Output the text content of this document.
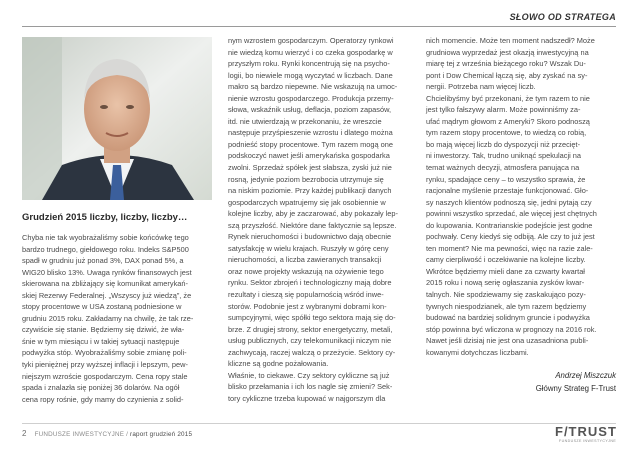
SŁOWO OD STRATEGA
Grudzień 2015 liczby, liczby, liczby…
Chyba nie tak wyobrażaliśmy sobie końcówkę tego
bardzo trudnego, giełdowego roku. Indeks S&P500
spadł w grudniu już ponad 3%, DAX ponad 5%, a
WIG20 blisko 13%. Uwaga rynków finansowych jest
skierowana na zbliżający się komunikat amerykań-
skiej Rezerwy Federalnej. „Wszyscy już wiedzą”, że
stopy procentowe w USA zostaną podniesione w
grudniu 2015 roku. Zakładamy na chwilę, że tak rze-
czywiście się stanie. Będziemy się dziwić, że wła-
śnie w tym miesiącu i w takiej sytuacji następuje
podwyżka stóp. Wyobrażaliśmy sobie zmianę poli-
tyki pieniężnej przy wyższej inflacji i lepszym, pew-
niejszym wzroście gospodarczym. Cena ropy stale
spada i znalazła się poniżej 36 dolarów. Na ogół
cena ropy rośnie, gdy mamy do czynienia z solid-
nym wzrostem gospodarczym. Operatorzy rynkowi
nie wiedzą komu wierzyć i co czeka gospodarkę w
przyszłym roku. Rynki koncentrują się na psycho-
logii, bo niewiele mogą wyczytać w liczbach. Dane
makro są bardzo niepewne. Nie wskazują na umoc-
nienie wzrostu gospodarczego. Produkcja przemy-
słowa, wskaźnik usług, deflacja, poziom zapasów,
itd. nie utwierdzają w przekonaniu, że wreszcie
następuje przyśpieszenie wzrostu i dlatego można
podnieść stopy procentowe. Tym razem mogą one
podskoczyć nawet jeśli amerykańska gospodarka
zwolni. Sprzedaż spółek jest słabsza, zyski już nie
rosną, jedynie poziom bezrobocia utrzymuje się
na niskim poziomie. Przy każdej publikacji danych
gospodarczych wpatrujemy się jak osobiennie w
kolejne liczby, aby je zaczarować, aby pokazały lep-
szą przyszłość. Niektóre dane faktycznie są lepsze.
Rynek nieruchomości i budownictwo dają obecnie
satysfakcję w wielu krajach. Ruszyły w górę ceny
nieruchomości, a liczba zawieranych transakcji
oraz nowe projekty wskazują na ożywienie tego
rynku. Sektor zbrojeń i technologiczny mają dobre
rezultaty i cieszą się popularnością wśród inwe-
storów. Podobnie jest z wybranymi dobrami kon-
sumpcyjnymi, więc spółki tego sektora mają się do-
brze. Z drugiej strony, sektor energetyczny, metali,
usług publicznych, czy telekomunikacji niczym nie
zachwycają, raczej walczą o przeżycie. Sektory cy-
kliczne są godne pożałowania.
Właśnie, to ciekawe. Czy sektory cykliczne są już
blisko przełamania i ich los nagle się zmieni? Sek-
tory cykliczne trzeba kupować w najgorszym dla
nich momencie. Może ten moment nadszedł? Może
grudniowa wyprzedaż jest okazją inwestycyjną na
miarę tej z września bieżącego roku? Wszak Du-
pont i Dow Chemical łączą się, aby zyskać na sy-
nergii. Potrzeba nam więcej liczb.
Chcielibyśmy być przekonani, że tym razem to nie
jest tylko fałszywy alarm. Może powinniśmy za-
ufać mądrym głowom z Ameryki? Skoro podnoszą
tym razem stopy procentowe, to wiedzą co robią,
bo mają więcej liczb do dyspozycji niż przecięt-
ni inwestorzy. Tak, trudno uniknąć spekulacji na
temat ważnych decyzji, atmosfera panująca na
rynku, spadające ceny – to wszystko sprawia, że
racjonalne myślenie przestaje funkcjonować. Gło-
sy naszych klientów podnoszą się, jedni pytają czy
powinni wszystko sprzedać, ale więcej jest chętnych
do kupowania. Kontrarianskie podejście jest godne
pochwały. Ceny kiedyś się odbiją. Ale czy to już jest
ten moment? Nie ma pewności, więc na razie zale-
camy cierpliwość i oczekiwanie na kolejne liczby.
Wkrótce będziemy mieli dane za czwarty kwartał
2015 roku i nową serię ogłaszania zysków kwar-
talnych. Nie spodziewamy się zaskakująco pozy-
tywnych niespodzianek, ale tym razem będziemy
budować na bardziej solidnym gruncie i podwyżka
stóp powinna być wliczona w prognozy na 2016 rok.
Nawet jeśli dzisiaj nie jest ona uzasadniona publi-
kowanymi dotychczas liczbami.
Andrzej Miszczuk
Główny Strateg F-Trust
2 FUNDUSZE INWESTYCYJNE / raport grudzień 2015	F/TRUST
FUNDUSZE INWESTYCYJNE
